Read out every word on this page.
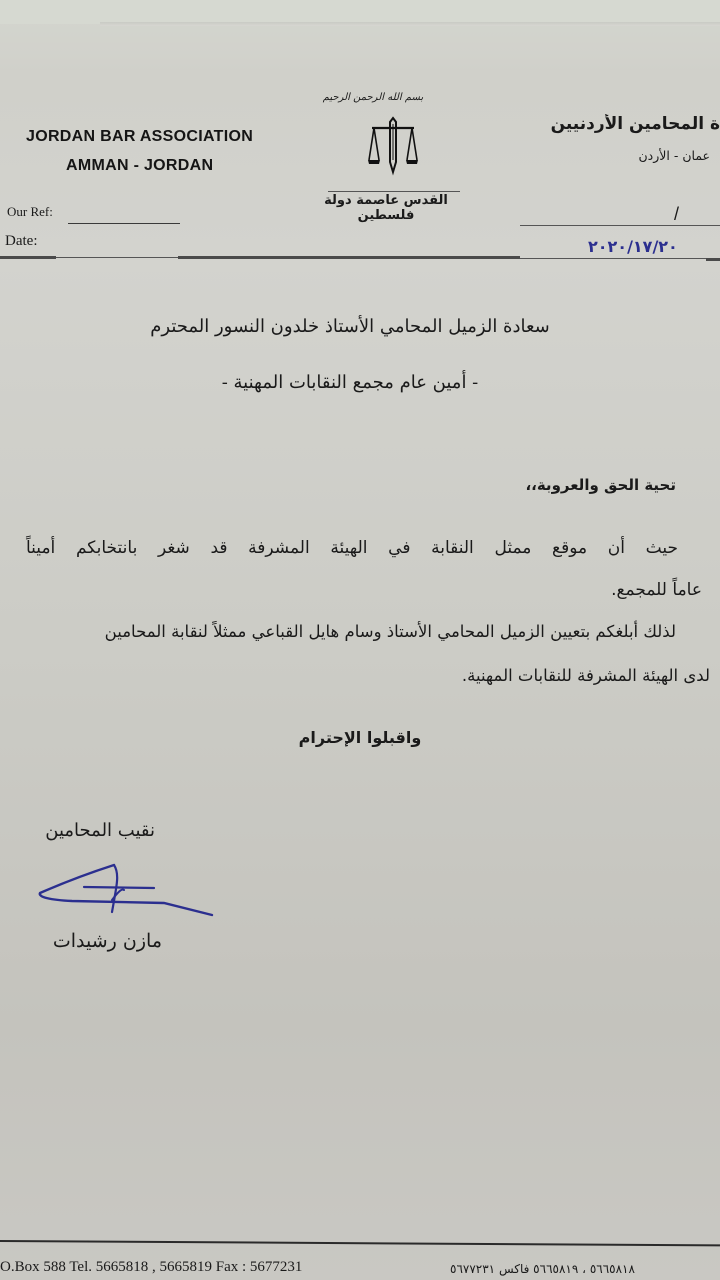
JORDAN BAR ASSOCIATION
AMMAN - JORDAN
بسم الله الرحمن الرحيم
القدس عاصمة دولة فلسطين
ة المحامين الأردنيين
عمان - الأردن
Our Ref:
Date:
/
٢٠٢٠/١٧/٢٠
سعادة الزميل المحامي الأستاذ خلدون النسور المحترم
- أمين عام مجمع النقابات المهنية -
تحية الحق والعروبة،،
حيث أن موقع ممثل النقابة في الهيئة المشرفة قد شغر بانتخابكم أميناً
عاماً للمجمع.
لذلك أبلغكم بتعيين الزميل المحامي الأستاذ وسام هايل القباعي ممثلاً لنقابة المحامين
لدى الهيئة المشرفة للنقابات المهنية.
واقبلوا الإحترام
نقيب المحامين
مازن رشيدات
O.Box 588 Tel. 5665818 , 5665819 Fax : 5677231	٥٦٦٥٨١٨ ، ٥٦٦٥٨١٩ فاكس ٥٦٧٧٢٣١
